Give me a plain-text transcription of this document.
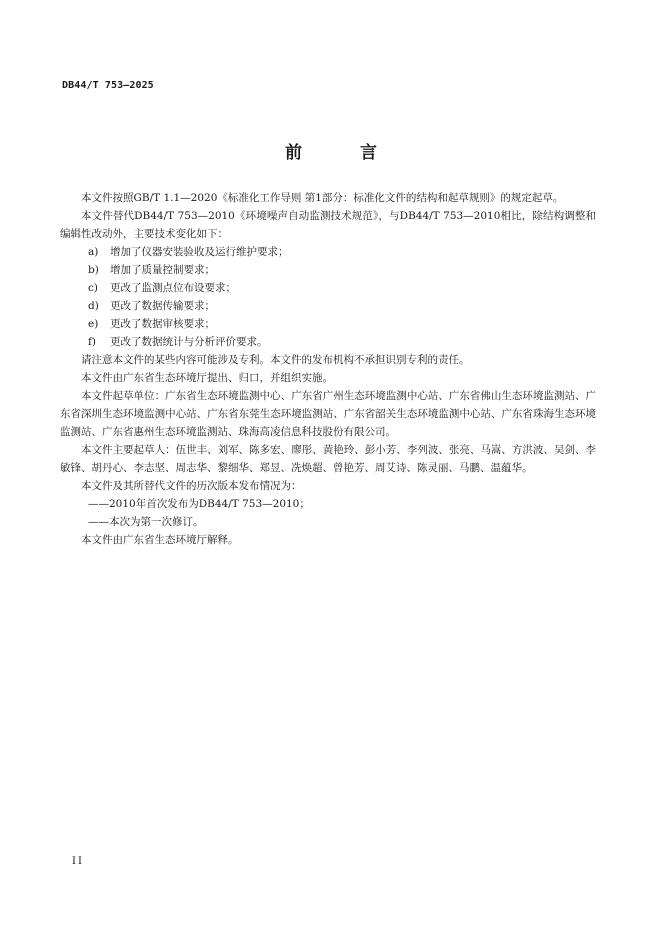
DB44/T 753—2025
前 言

本文件按照GB/T 1.1—2020《标准化工作导则 第1部分：标准化文件的结构和起草规则》的规定起草。

本文件替代DB44/T 753—2010《环境噪声自动监测技术规范》，与DB44/T 753—2010相比，除结构调整和编辑性改动外，主要技术变化如下：

a) 增加了仪器安装验收及运行维护要求；

b) 增加了质量控制要求；

c) 更改了监测点位布设要求；

d) 更改了数据传输要求；

e) 更改了数据审核要求；

f) 更改了数据统计与分析评价要求。

请注意本文件的某些内容可能涉及专利。本文件的发布机构不承担识别专利的责任。

本文件由广东省生态环境厅提出、归口，并组织实施。

本文件起草单位：广东省生态环境监测中心、广东省广州生态环境监测中心站、广东省佛山生态环境监测站、广东省深圳生态环境监测中心站、广东省东莞生态环境监测站、广东省韶关生态环境监测中心站、广东省珠海生态环境监测站、广东省惠州生态环境监测站、珠海高凌信息科技股份有限公司。

本文件主要起草人：伍世丰、刘军、陈多宏、廖彤、黄艳玲、彭小芳、李列波、张亮、马嵩、方洪波、吴剑、李敏锋、胡丹心、李志坚、周志华、黎细华、郑昱、冼焕超、曾艳芳、周艾诗、陈灵丽、马鹏、温蕴华。

本文件及其所替代文件的历次版本发布情况为：

——2010年首次发布为DB44/T 753—2010；

——本次为第一次修订。

本文件由广东省生态环境厅解释。

II
